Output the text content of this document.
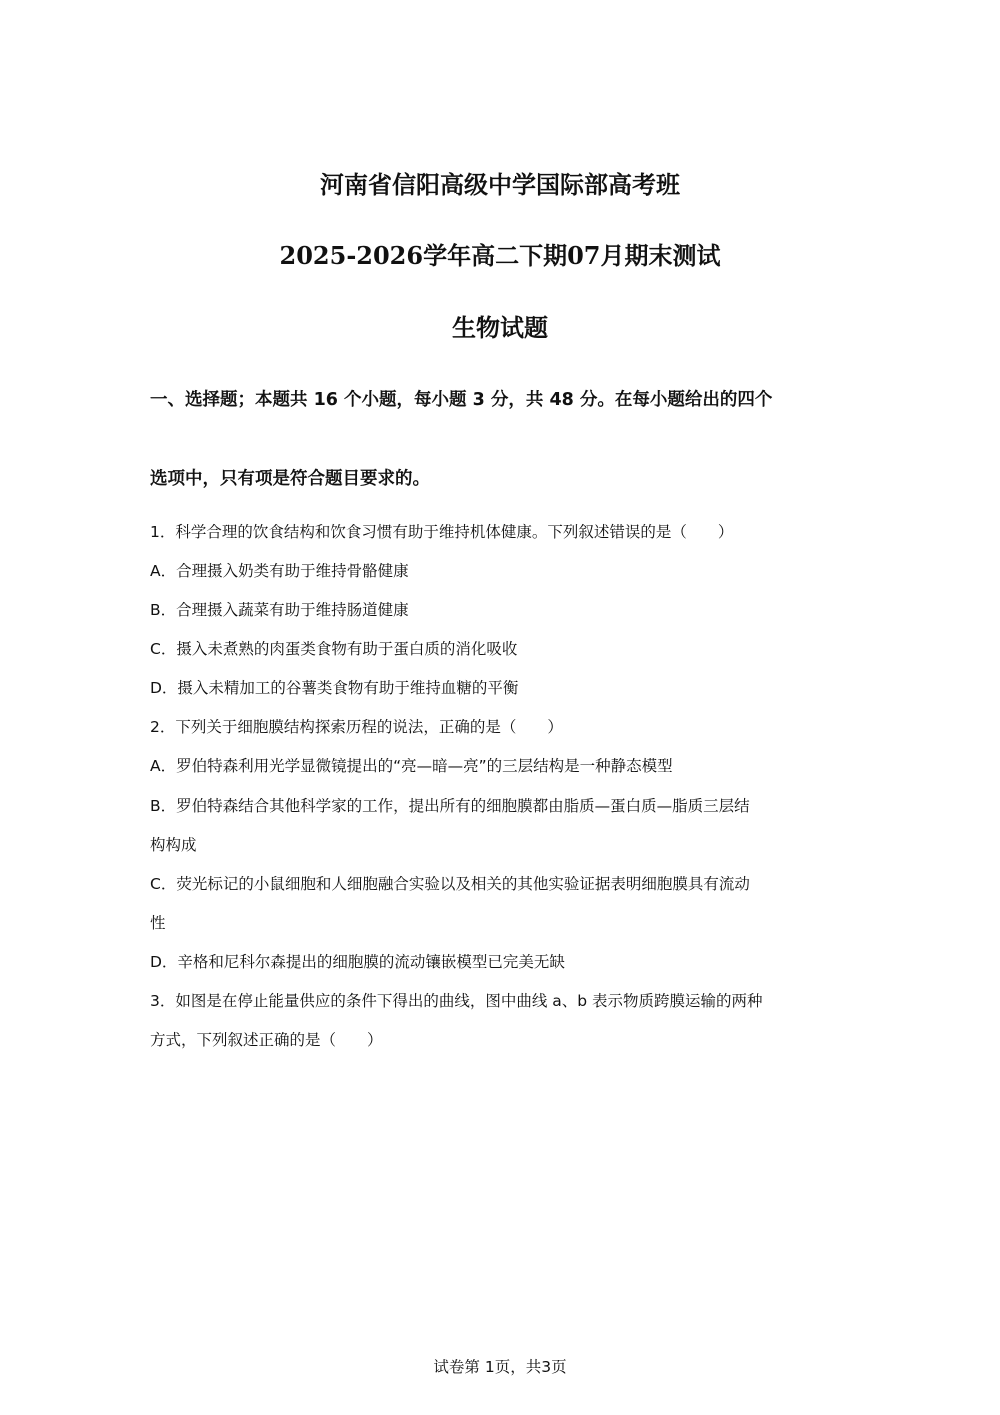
河南省信阳高级中学国际部高考班
2025-2026学年高二下期07月期末测试
生物试题

一、选择题；本题共 16 个小题，每小题 3 分，共 48 分。在每小题给出的四个

选项中，只有项是符合题目要求的。

1．科学合理的饮食结构和饮食习惯有助于维持机体健康。下列叙述错误的是（　　）

A．合理摄入奶类有助于维持骨骼健康

B．合理摄入蔬菜有助于维持肠道健康

C．摄入未煮熟的肉蛋类食物有助于蛋白质的消化吸收

D．摄入未精加工的谷薯类食物有助于维持血糖的平衡

2．下列关于细胞膜结构探索历程的说法，正确的是（　　）

A．罗伯特森利用光学显微镜提出的“亮—暗—亮”的三层结构是一种静态模型

B．罗伯特森结合其他科学家的工作，提出所有的细胞膜都由脂质—蛋白质—脂质三层结

构构成

C．荧光标记的小鼠细胞和人细胞融合实验以及相关的其他实验证据表明细胞膜具有流动

性

D．辛格和尼科尔森提出的细胞膜的流动镶嵌模型已完美无缺

3．如图是在停止能量供应的条件下得出的曲线，图中曲线 a、b 表示物质跨膜运输的两种

方式，下列叙述正确的是（　　）

试卷第 1页，共3页
